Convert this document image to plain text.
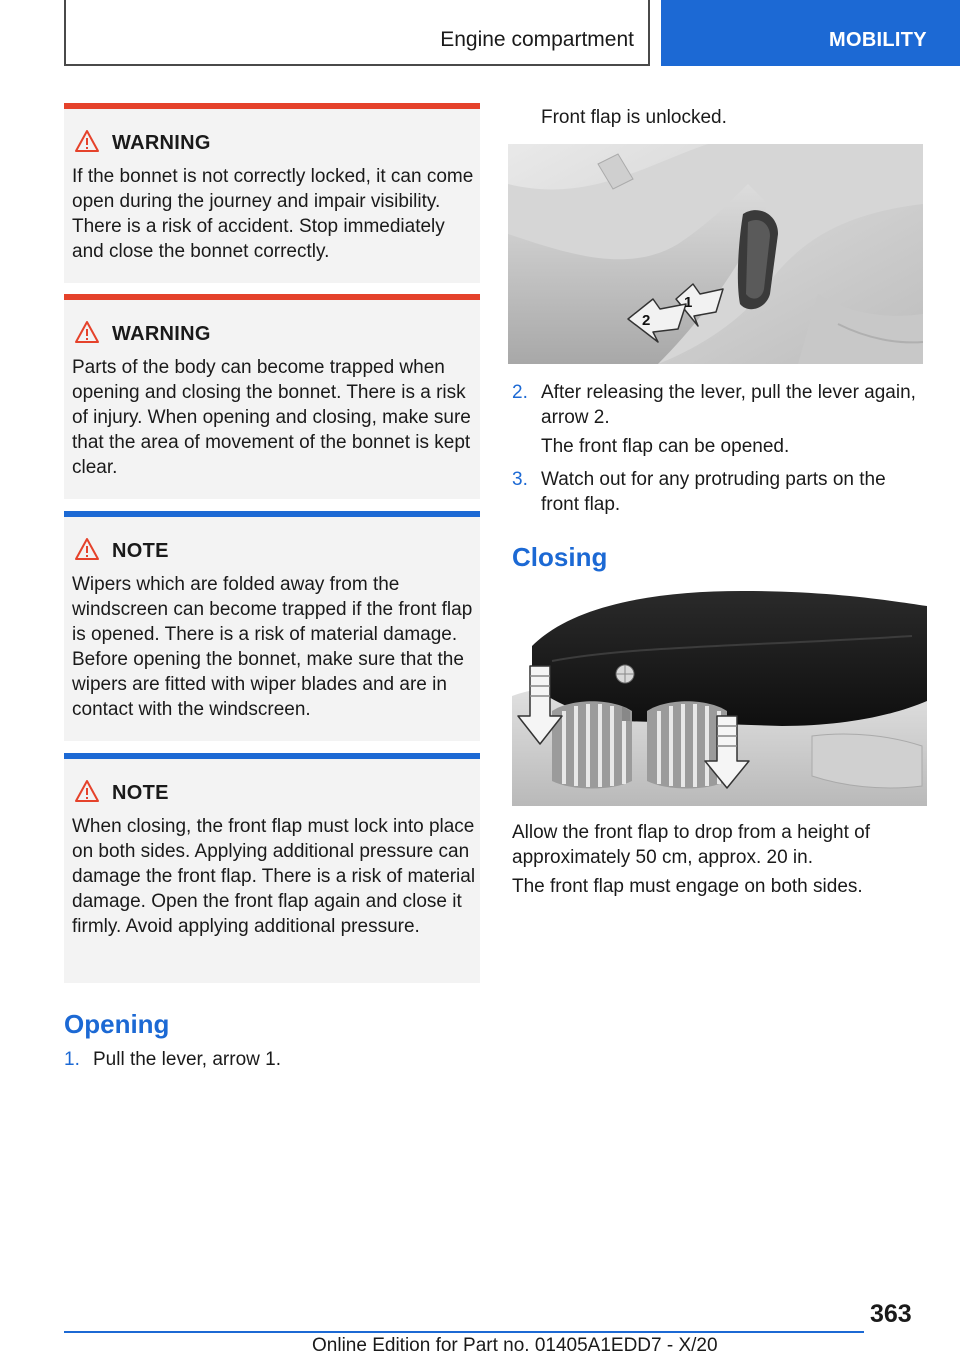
Engine compartment	MOBILITY
WARNING
If the bonnet is not correctly locked, it can come open during the journey and impair visibility. There is a risk of accident. Stop immediately and close the bonnet correctly.
WARNING
Parts of the body can become trapped when opening and closing the bonnet. There is a risk of injury. When opening and closing, make sure that the area of movement of the bonnet is kept clear.
NOTE
Wipers which are folded away from the windscreen can become trapped if the front flap is opened. There is a risk of material damage. Before opening the bonnet, make sure that the wipers are fitted with wiper blades and are in contact with the windscreen.
NOTE
When closing, the front flap must lock into place on both sides. Applying additional pressure can damage the front flap. There is a risk of material damage. Open the front flap again and close it firmly. Avoid applying additional pressure.
Opening
1. Pull the lever, arrow 1.
Front flap is unlocked.
1
2
2. After releasing the lever, pull the lever again, arrow 2.
The front flap can be opened.
3. Watch out for any protruding parts on the front flap.
Closing
Allow the front flap to drop from a height of approximately 50 cm, approx. 20 in.
The front flap must engage on both sides.
363
Online Edition for Part no. 01405A1EDD7 - X/20
